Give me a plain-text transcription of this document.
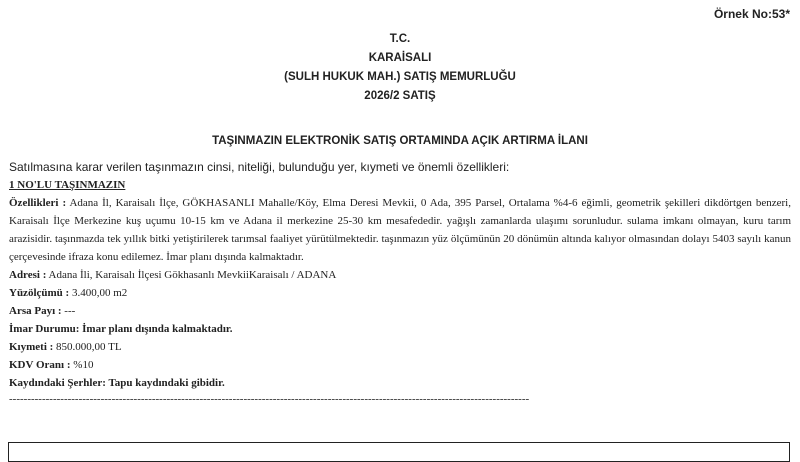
Örnek No:53*
T.C.
KARAİSALI
(SULH HUKUK MAH.) SATIŞ MEMURLUĞU
2026/2 SATIŞ
TAŞINMAZIN ELEKTRONİK SATIŞ ORTAMINDA AÇIK ARTIRMA İLANI
Satılmasına karar verilen taşınmazın cinsi, niteliği, bulunduğu yer, kıymeti ve önemli özellikleri:
1 NO'LU TAŞINMAZIN
Özellikleri : Adana İl, Karaisalı İlçe, GÖKHASANLI Mahalle/Köy, Elma Deresi Mevkii, 0 Ada, 395 Parsel, Ortalama %4-6 eğimli, geometrik şekilleri dikdörtgen benzeri, Karaisalı İlçe Merkezine kuş uçumu 10-15 km ve Adana il merkezine 25-30 km mesafededir. yağışlı zamanlarda ulaşımı sorunludur. sulama imkanı olmayan, kuru tarım arazisidir. taşınmazda tek yıllık bitki yetiştirilerek tarımsal faaliyet yürütülmektedir. taşınmazın yüz ölçümünün 20 dönümün altında kalıyor olmasından dolayı 5403 sayılı kanun çerçevesinde ifraza konu edilemez. İmar planı dışında kalmaktadır.
Adresi : Adana İli, Karaisalı İlçesi Gökhasanlı MevkiiKaraisalı / ADANA
Yüzölçümü : 3.400,00 m2
Arsa Payı : ---
İmar Durumu: İmar planı dışında kalmaktadır.
Kıymeti : 850.000,00 TL
KDV Oranı : %10
Kaydındaki Şerhler: Tapu kaydındaki gibidir.
----------------------------------------------------------------------------------------------------------------------------------------------
